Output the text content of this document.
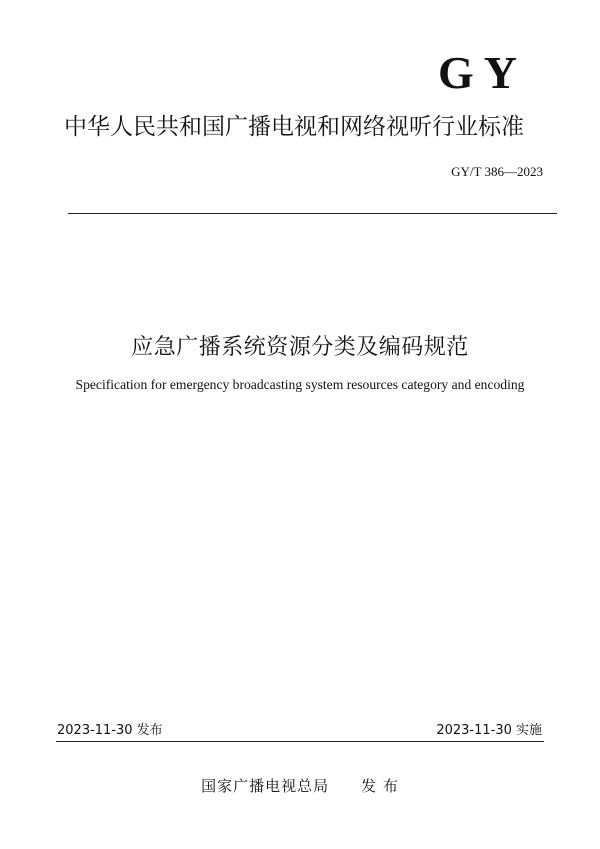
GY
中华人民共和国广播电视和网络视听行业标准
GY/T 386—2023
应急广播系统资源分类及编码规范
Specification for emergency broadcasting system resources category and encoding
2023-11-30 发布	2023-11-30 实施
国家广播电视总局 发 布
